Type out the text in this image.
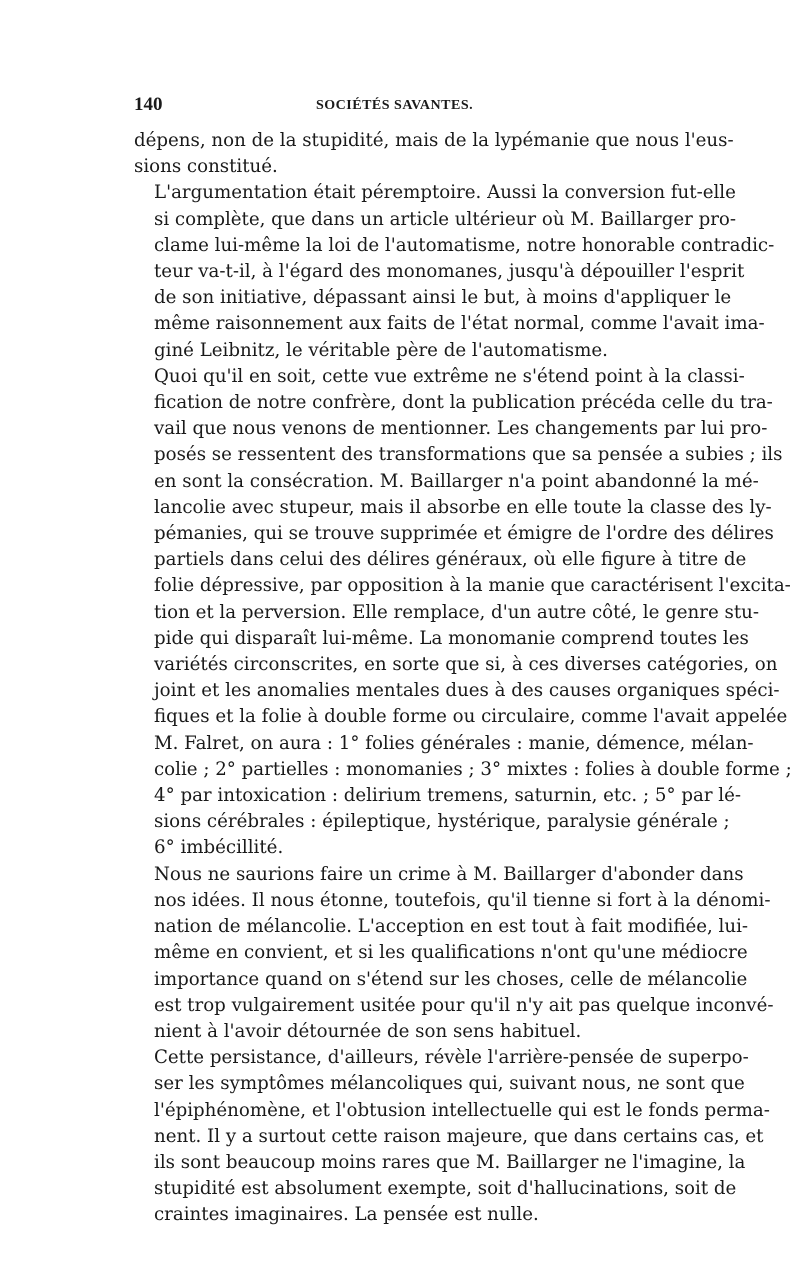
140	SOCIÉTÉS SAVANTES.

dépens, non de la stupidité, mais de la lypémanie que nous l'eus-
sions constitué.

L'argumentation était péremptoire. Aussi la conversion fut-elle
si complète, que dans un article ultérieur où M. Baillarger pro-
clame lui-même la loi de l'automatisme, notre honorable contradic-
teur va-t-il, à l'égard des monomanes, jusqu'à dépouiller l'esprit
de son initiative, dépassant ainsi le but, à moins d'appliquer le
même raisonnement aux faits de l'état normal, comme l'avait ima-
giné Leibnitz, le véritable père de l'automatisme.

Quoi qu'il en soit, cette vue extrême ne s'étend point à la classi-
fication de notre confrère, dont la publication précéda celle du tra-
vail que nous venons de mentionner. Les changements par lui pro-
posés se ressentent des transformations que sa pensée a subies ; ils
en sont la consécration. M. Baillarger n'a point abandonné la mé-
lancolie avec stupeur, mais il absorbe en elle toute la classe des ly-
pémanies, qui se trouve supprimée et émigre de l'ordre des délires
partiels dans celui des délires généraux, où elle figure à titre de
folie dépressive, par opposition à la manie que caractérisent l'excita-
tion et la perversion. Elle remplace, d'un autre côté, le genre stu-
pide qui disparaît lui-même. La monomanie comprend toutes les
variétés circonscrites, en sorte que si, à ces diverses catégories, on
joint et les anomalies mentales dues à des causes organiques spéci-
fiques et la folie à double forme ou circulaire, comme l'avait appelée
M. Falret, on aura : 1° folies générales : manie, démence, mélan-
colie ; 2° partielles : monomanies ; 3° mixtes : folies à double forme ;
4° par intoxication : delirium tremens, saturnin, etc. ; 5° par lé-
sions cérébrales : épileptique, hystérique, paralysie générale ;
6° imbécillité.

Nous ne saurions faire un crime à M. Baillarger d'abonder dans
nos idées. Il nous étonne, toutefois, qu'il tienne si fort à la dénomi-
nation de mélancolie. L'acception en est tout à fait modifiée, lui-
même en convient, et si les qualifications n'ont qu'une médiocre
importance quand on s'étend sur les choses, celle de mélancolie
est trop vulgairement usitée pour qu'il n'y ait pas quelque inconvé-
nient à l'avoir détournée de son sens habituel.

Cette persistance, d'ailleurs, révèle l'arrière-pensée de superpo-
ser les symptômes mélancoliques qui, suivant nous, ne sont que
l'épiphénomène, et l'obtusion intellectuelle qui est le fonds perma-
nent. Il y a surtout cette raison majeure, que dans certains cas, et
ils sont beaucoup moins rares que M. Baillarger ne l'imagine, la
stupidité est absolument exempte, soit d'hallucinations, soit de
craintes imaginaires. La pensée est nulle.
